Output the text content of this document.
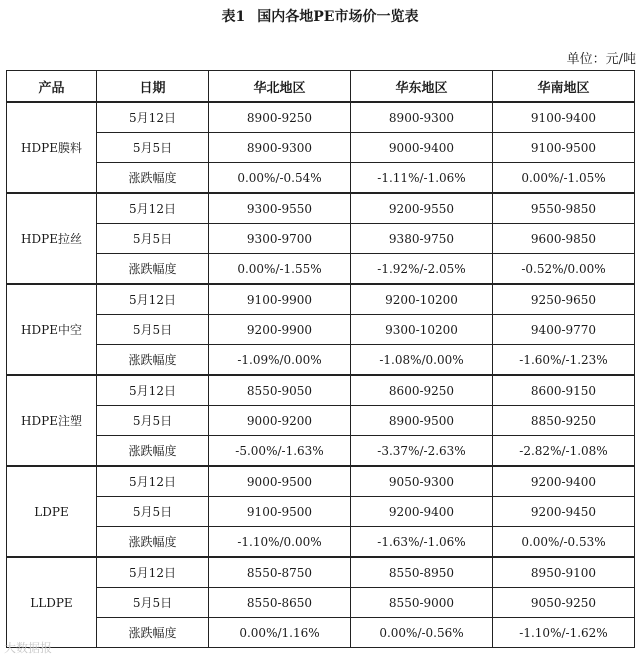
表1 国内各地PE市场价一览表
单位：元/吨
产品	日期	华北地区	华东地区	华南地区
HDPE膜料	5月12日	8900-9250	8900-9300	9100-9400
	5月5日	8900-9300	9000-9400	9100-9500
	涨跌幅度	0.00%/-0.54%	-1.11%/-1.06%	0.00%/-1.05%
HDPE拉丝	5月12日	9300-9550	9200-9550	9550-9850
	5月5日	9300-9700	9380-9750	9600-9850
	涨跌幅度	0.00%/-1.55%	-1.92%/-2.05%	-0.52%/0.00%
HDPE中空	5月12日	9100-9900	9200-10200	9250-9650
	5月5日	9200-9900	9300-10200	9400-9770
	涨跌幅度	-1.09%/0.00%	-1.08%/0.00%	-1.60%/-1.23%
HDPE注塑	5月12日	8550-9050	8600-9250	8600-9150
	5月5日	9000-9200	8900-9500	8850-9250
	涨跌幅度	-5.00%/-1.63%	-3.37%/-2.63%	-2.82%/-1.08%
LDPE	5月12日	9000-9500	9050-9300	9200-9400
	5月5日	9100-9500	9200-9400	9200-9450
	涨跌幅度	-1.10%/0.00%	-1.63%/-1.06%	0.00%/-0.53%
LLDPE	5月12日	8550-8750	8550-8950	8950-9100
	5月5日	8550-8650	8550-9000	9050-9250
	涨跌幅度	0.00%/1.16%	0.00%/-0.56%	-1.10%/-1.62%
大数据报
